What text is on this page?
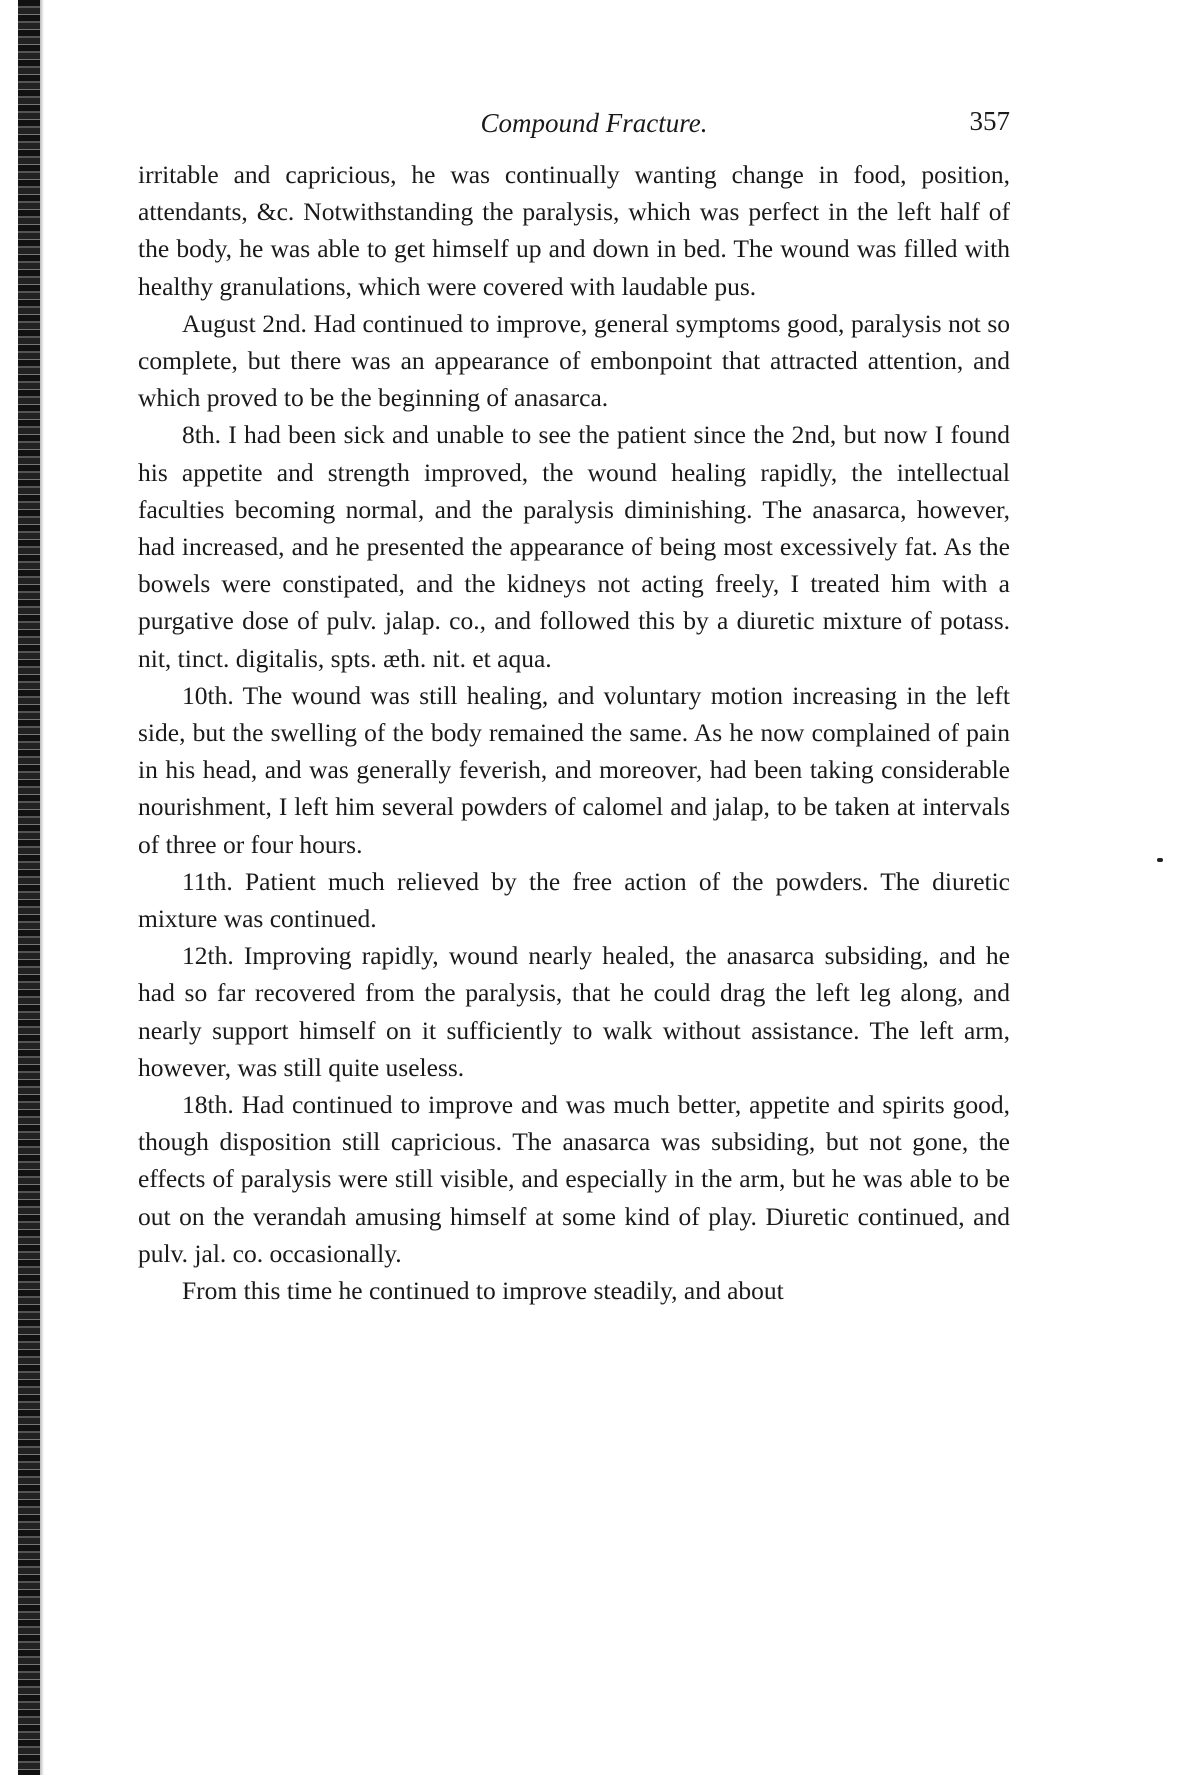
Compound Fracture.	357

irritable and capricious, he was continually wanting change in food, position, attendants, &c. Notwithstanding the paralysis, which was perfect in the left half of the body, he was able to get himself up and down in bed. The wound was filled with healthy granulations, which were covered with laudable pus.

August 2nd. Had continued to improve, general symptoms good, paralysis not so complete, but there was an appearance of embonpoint that attracted attention, and which proved to be the beginning of anasarca.

8th. I had been sick and unable to see the patient since the 2nd, but now I found his appetite and strength improved, the wound healing rapidly, the intellectual faculties becoming normal, and the paralysis diminishing. The anasarca, however, had increased, and he presented the appearance of being most excessively fat. As the bowels were constipated, and the kidneys not acting freely, I treated him with a purgative dose of pulv. jalap. co., and followed this by a diuretic mixture of potass. nit, tinct. digitalis, spts. æth. nit. et aqua.

10th. The wound was still healing, and voluntary motion increasing in the left side, but the swelling of the body remained the same. As he now complained of pain in his head, and was generally feverish, and moreover, had been taking considerable nourishment, I left him several powders of calomel and jalap, to be taken at intervals of three or four hours.

11th. Patient much relieved by the free action of the powders. The diuretic mixture was continued.

12th. Improving rapidly, wound nearly healed, the anasarca subsiding, and he had so far recovered from the paralysis, that he could drag the left leg along, and nearly support himself on it sufficiently to walk without assistance. The left arm, however, was still quite useless.

18th. Had continued to improve and was much better, appetite and spirits good, though disposition still capricious. The anasarca was subsiding, but not gone, the effects of paralysis were still visible, and especially in the arm, but he was able to be out on the verandah amusing himself at some kind of play. Diuretic continued, and pulv. jal. co. occasionally.

From this time he continued to improve steadily, and about
